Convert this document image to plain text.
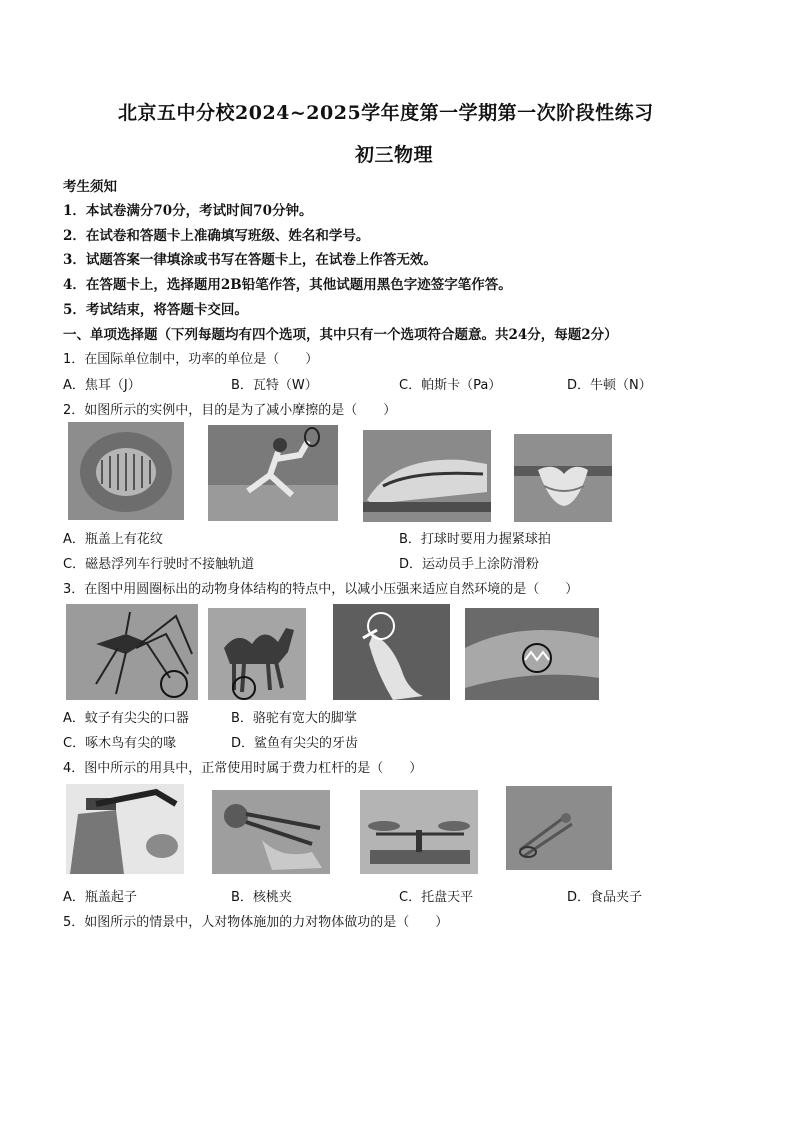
北京五中分校2024~2025学年度第一学期第一次阶段性练习
初三物理
考生须知
1．本试卷满分70分，考试时间70分钟。
2．在试卷和答题卡上准确填写班级、姓名和学号。
3．试题答案一律填涂或书写在答题卡上，在试卷上作答无效。
4．在答题卡上，选择题用2B铅笔作答，其他试题用黑色字迹签字笔作答。
5．考试结束，将答题卡交回。
一、单项选择题（下列每题均有四个选项，其中只有一个选项符合题意。共24分，每题2分）
1．在国际单位制中，功率的单位是（　　）
A．焦耳（J）	B．瓦特（W）	C．帕斯卡（Pa）	D．牛顿（N）
2．如图所示的实例中，目的是为了减小摩擦的是（　　）
A．瓶盖上有花纹	B．打球时要用力握紧球拍
C．磁悬浮列车行驶时不接触轨道	D．运动员手上涂防滑粉
3．在图中用圆圈标出的动物身体结构的特点中，以减小压强来适应自然环境的是（　　）
A．蚊子有尖尖的口器	B．骆驼有宽大的脚掌
C．啄木鸟有尖的喙	D．鲨鱼有尖尖的牙齿
4．图中所示的用具中，正常使用时属于费力杠杆的是（　　）
A．瓶盖起子	B．核桃夹	C．托盘天平	D．食品夹子
5．如图所示的情景中，人对物体施加的力对物体做功的是（　　）
